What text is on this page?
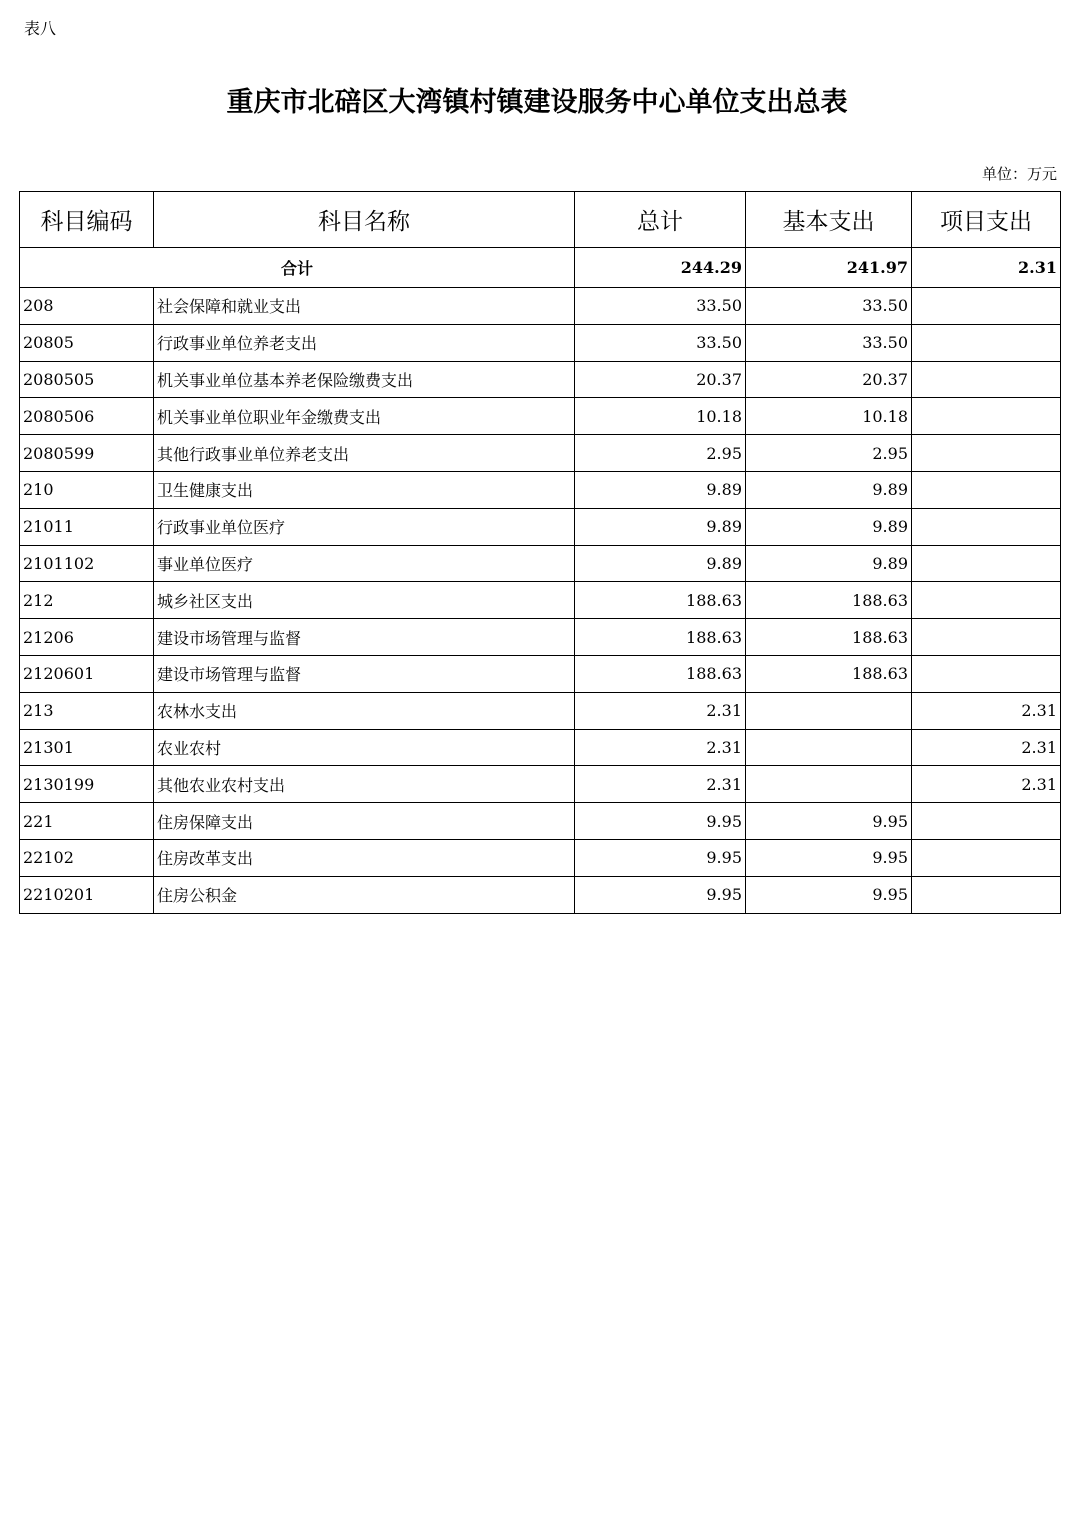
表八
重庆市北碚区大湾镇村镇建设服务中心单位支出总表
单位：万元
科目编码	科目名称	总计	基本支出	项目支出
合计		244.29	241.97	2.31
208	社会保障和就业支出	33.50	33.50	
20805	行政事业单位养老支出	33.50	33.50	
2080505	机关事业单位基本养老保险缴费支出	20.37	20.37	
2080506	机关事业单位职业年金缴费支出	10.18	10.18	
2080599	其他行政事业单位养老支出	2.95	2.95	
210	卫生健康支出	9.89	9.89	
21011	行政事业单位医疗	9.89	9.89	
2101102	事业单位医疗	9.89	9.89	
212	城乡社区支出	188.63	188.63	
21206	建设市场管理与监督	188.63	188.63	
2120601	建设市场管理与监督	188.63	188.63	
213	农林水支出	2.31		2.31
21301	农业农村	2.31		2.31
2130199	其他农业农村支出	2.31		2.31
221	住房保障支出	9.95	9.95	
22102	住房改革支出	9.95	9.95	
2210201	住房公积金	9.95	9.95	
